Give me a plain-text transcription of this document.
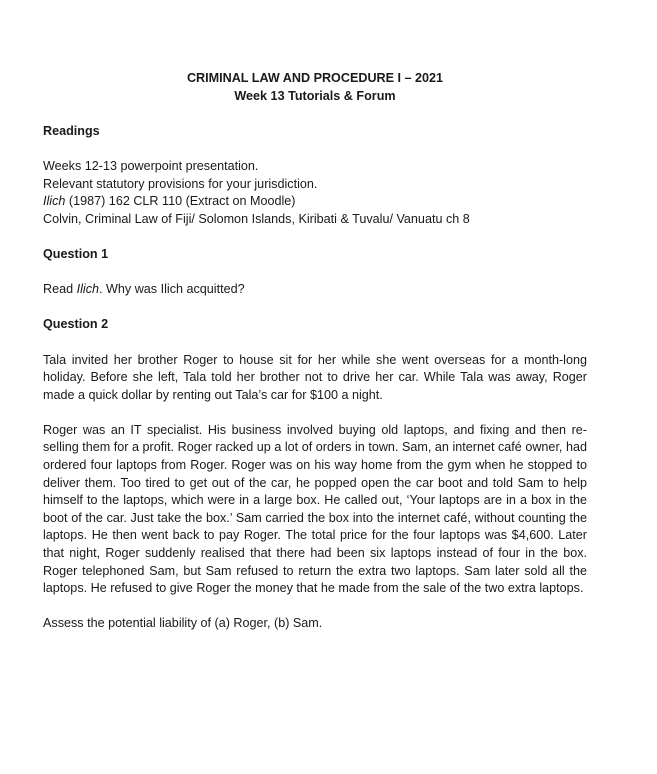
CRIMINAL LAW AND PROCEDURE I – 2021
Week 13 Tutorials & Forum

Readings

Weeks 12-13 powerpoint presentation.
Relevant statutory provisions for your jurisdiction.
Ilich (1987) 162 CLR 110 (Extract on Moodle)
Colvin, Criminal Law of Fiji/ Solomon Islands, Kiribati & Tuvalu/ Vanuatu ch 8

Question 1

Read Ilich. Why was Ilich acquitted?

Question 2

Tala invited her brother Roger to house sit for her while she went overseas for a month-long holiday. Before she left, Tala told her brother not to drive her car. While Tala was away, Roger made a quick dollar by renting out Tala’s car for $100 a night.

Roger was an IT specialist. His business involved buying old laptops, and fixing and then re-selling them for a profit. Roger racked up a lot of orders in town. Sam, an internet café owner, had ordered four laptops from Roger. Roger was on his way home from the gym when he stopped to deliver them. Too tired to get out of the car, he popped open the car boot and told Sam to help himself to the laptops, which were in a large box. He called out, ‘Your laptops are in a box in the boot of the car. Just take the box.’ Sam carried the box into the internet café, without counting the laptops. He then went back to pay Roger. The total price for the four laptops was $4,600. Later that night, Roger suddenly realised that there had been six laptops instead of four in the box. Roger telephoned Sam, but Sam refused to return the extra two laptops. Sam later sold all the laptops. He refused to give Roger the money that he made from the sale of the two extra laptops.

Assess the potential liability of (a) Roger, (b) Sam.
